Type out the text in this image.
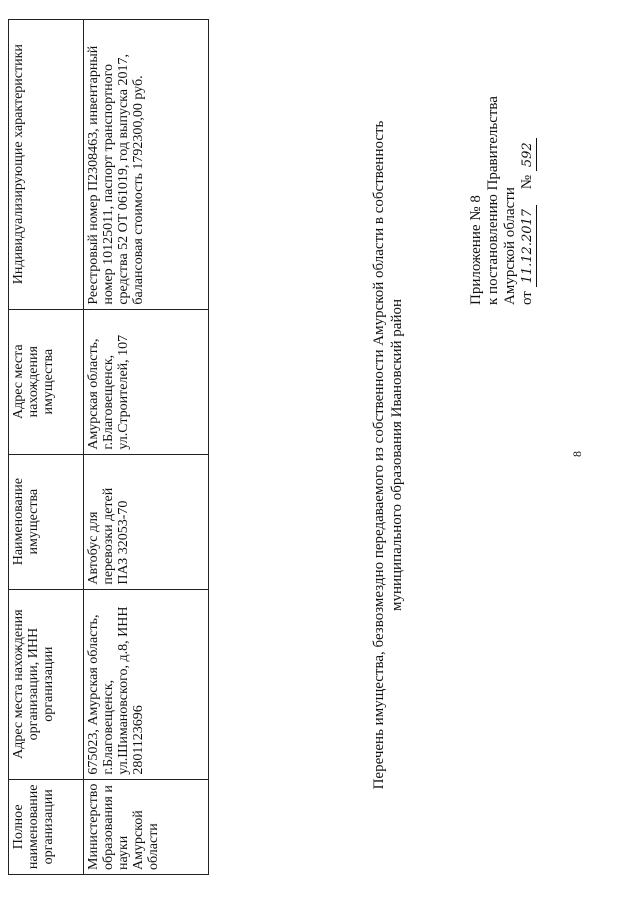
8
Приложение № 8 к постановлению Правительства Амурской области от 11.12.2017 № 592
Перечень имущества, безвозмездно передаваемого из собственности Амурской области в собственность муниципального образования Ивановский район
Полное наименование организации	Адрес места нахождения организации, ИНН организации	Наименование имущества	Адрес места нахождения имущества	Индивидуализирующие характеристики
Министерство образования и науки Амурской области	675023, Амурская область, г.Благовещенск, ул.Шимановского, д.8, ИНН 2801123696	Автобус для перевозки детей ПАЗ 32053-70	Амурская область, г.Благовещенск, ул.Строителей, 107	Реестровый номер П2308463, инвентарный номер 10125011, паспорт транспортного средства 52 ОТ 061019, год выпуска 2017, балансовая стоимость 1792300,00 руб.
